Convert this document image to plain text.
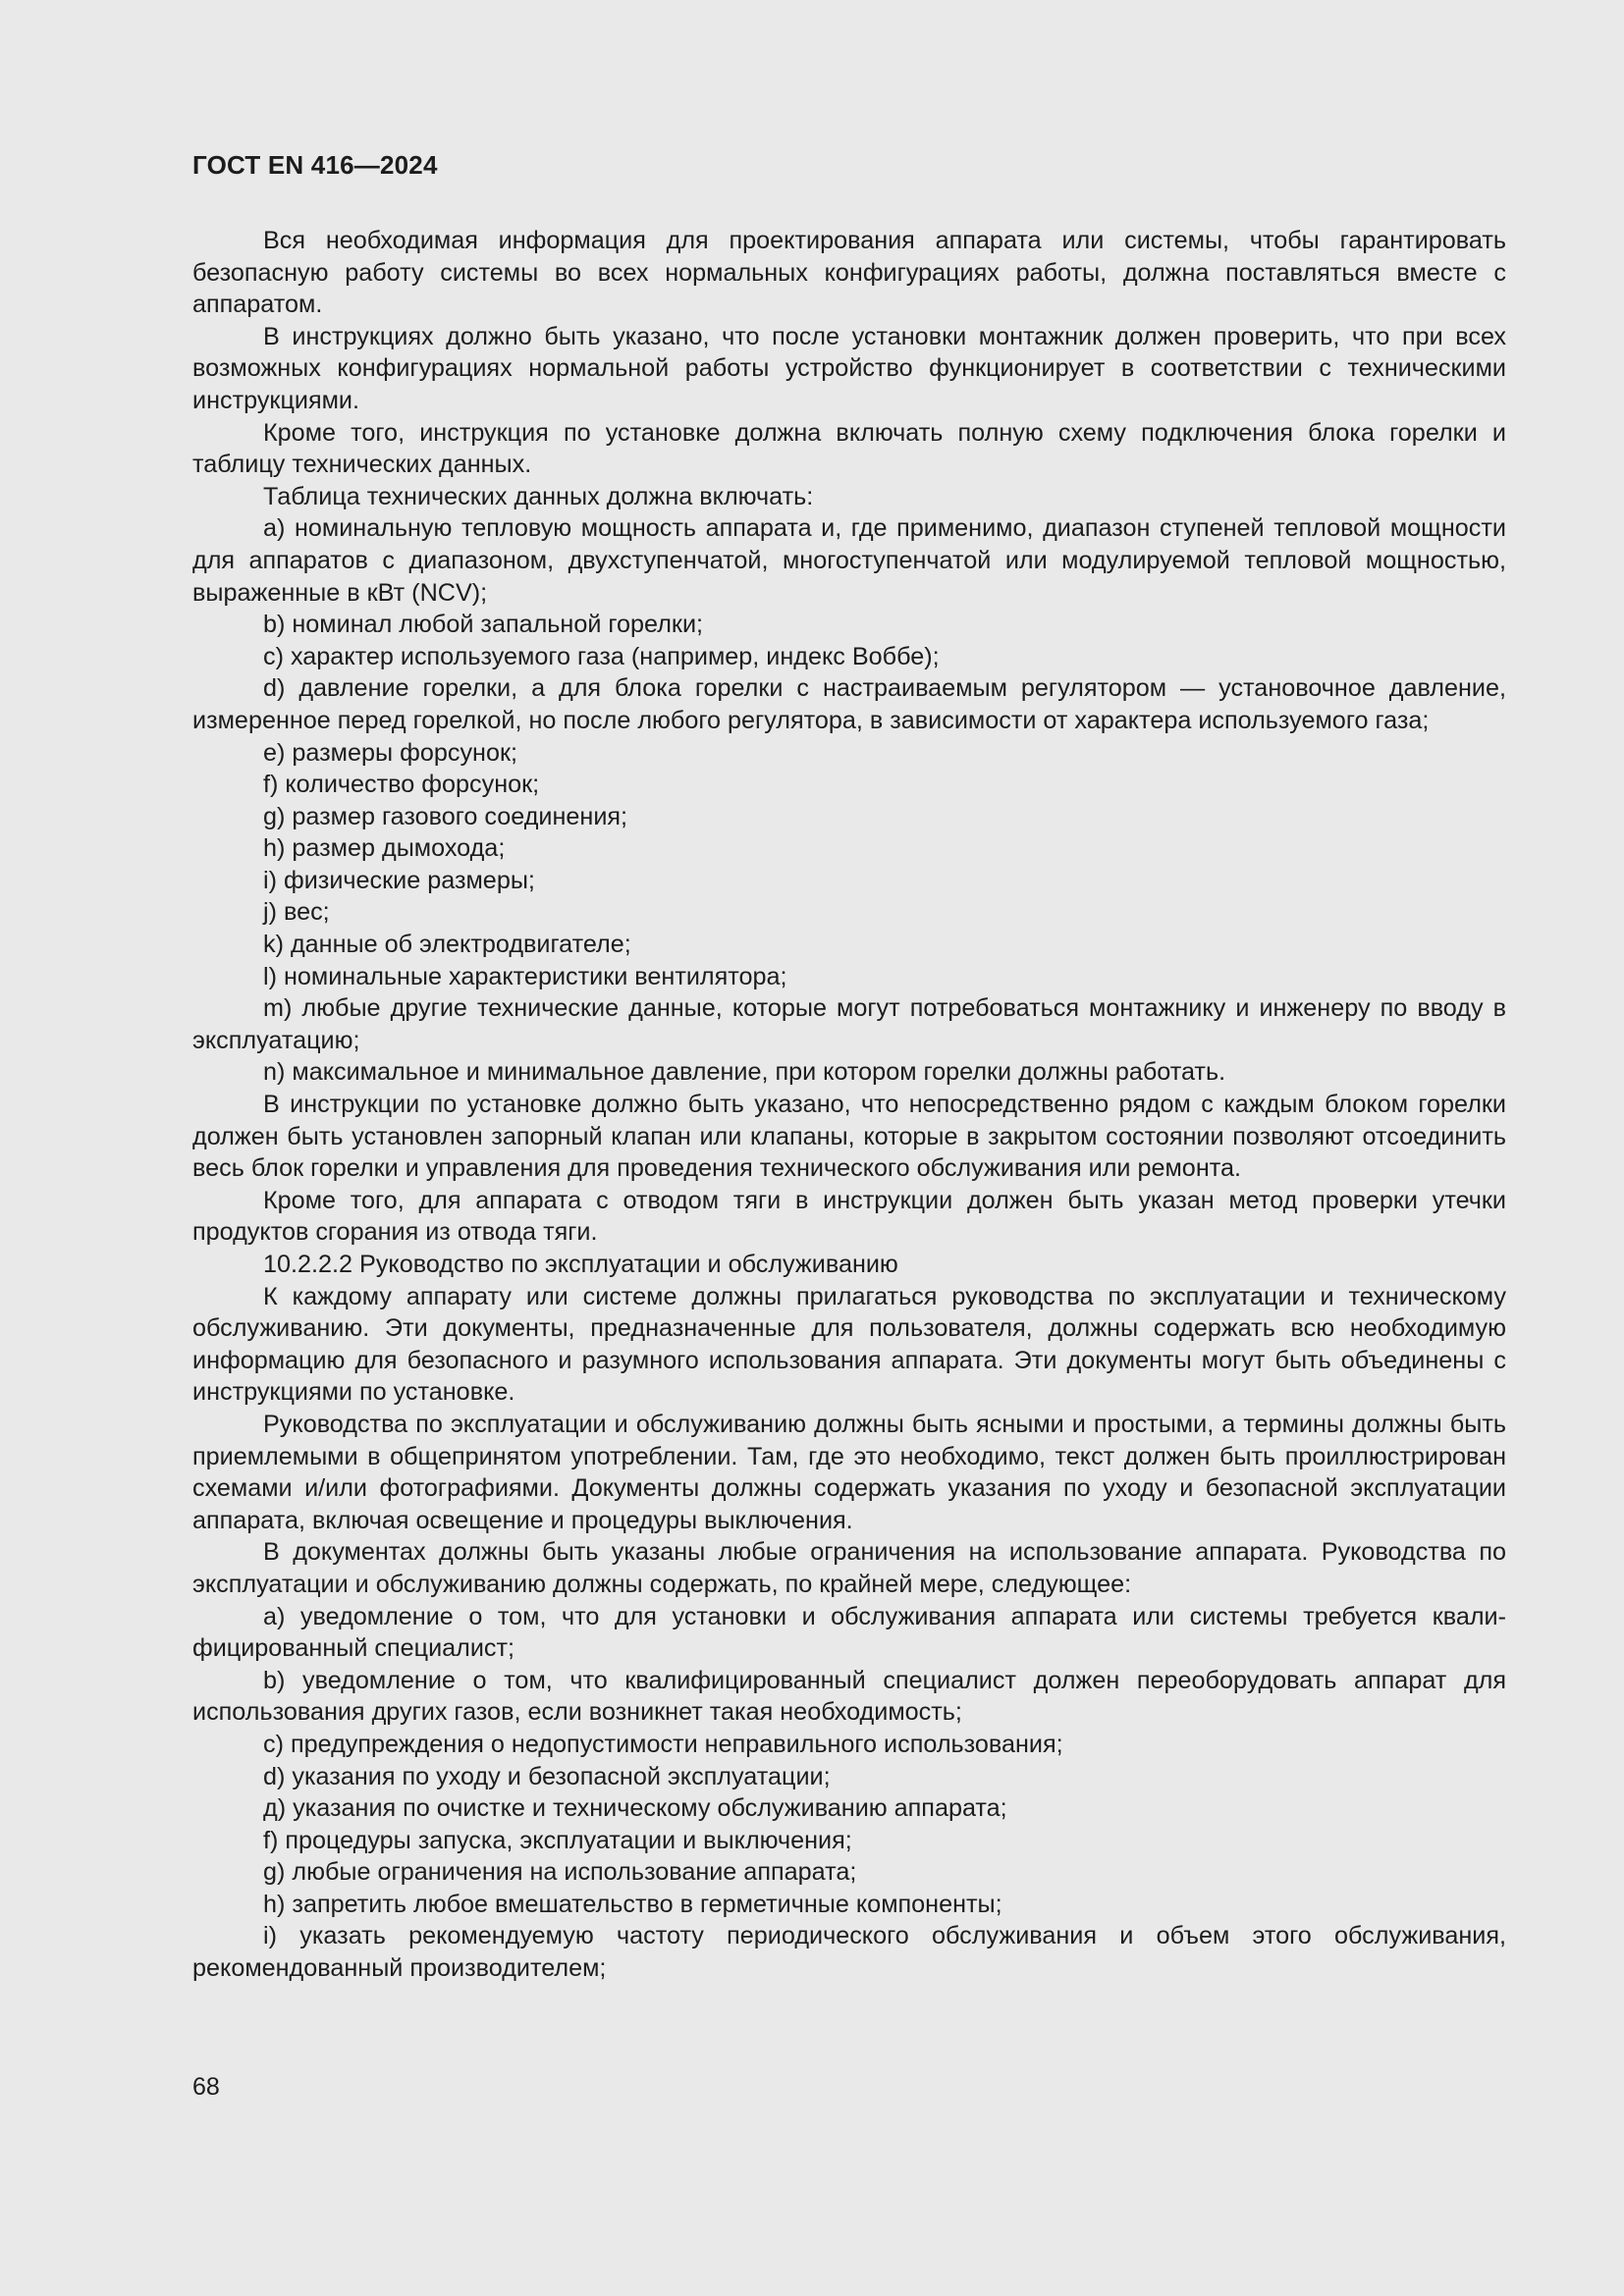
ГОСТ EN 416—2024

Вся необходимая информация для проектирования аппарата или системы, чтобы гарантировать безопасную работу системы во всех нормальных конфигурациях работы, должна поставляться вместе с аппаратом.

В инструкциях должно быть указано, что после установки монтажник должен проверить, что при всех возможных конфигурациях нормальной работы устройство функционирует в соответствии с техническими инструкциями.

Кроме того, инструкция по установке должна включать полную схему подключения блока горелки и таблицу технических данных.

Таблица технических данных должна включать:

a) номинальную тепловую мощность аппарата и, где применимо, диапазон ступеней тепловой мощности для аппаратов с диапазоном, двухступенчатой, многоступенчатой или модулируемой тепловой мощностью, выраженные в кВт (NCV);

b) номинал любой запальной горелки;

c) характер используемого газа (например, индекс Воббе);

d) давление горелки, а для блока горелки с настраиваемым регулятором — установочное давление, измеренное перед горелкой, но после любого регулятора, в зависимости от характера используемого газа;

e) размеры форсунок;

f) количество форсунок;

g) размер газового соединения;

h) размер дымохода;

i) физические размеры;

j) вес;

k) данные об электродвигателе;

l) номинальные характеристики вентилятора;

m) любые другие технические данные, которые могут потребоваться монтажнику и инженеру по вводу в эксплуатацию;

n) максимальное и минимальное давление, при котором горелки должны работать.

В инструкции по установке должно быть указано, что непосредственно рядом с каждым блоком горелки должен быть установлен запорный клапан или клапаны, которые в закрытом состоянии позволяют отсоединить весь блок горелки и управления для проведения технического обслуживания или ремонта.

Кроме того, для аппарата с отводом тяги в инструкции должен быть указан метод проверки утечки продуктов сгорания из отвода тяги.

10.2.2.2 Руководство по эксплуатации и обслуживанию

К каждому аппарату или системе должны прилагаться руководства по эксплуатации и техническому обслуживанию. Эти документы, предназначенные для пользователя, должны содержать всю необходимую информацию для безопасного и разумного использования аппарата. Эти документы могут быть объединены с инструкциями по установке.

Руководства по эксплуатации и обслуживанию должны быть ясными и простыми, а термины должны быть приемлемыми в общепринятом употреблении. Там, где это необходимо, текст должен быть проиллюстрирован схемами и/или фотографиями. Документы должны содержать указания по уходу и безопасной эксплуатации аппарата, включая освещение и процедуры выключения.

В документах должны быть указаны любые ограничения на использование аппарата. Руководства по эксплуатации и обслуживанию должны содержать, по крайней мере, следующее:

a) уведомление о том, что для установки и обслуживания аппарата или системы требуется квалифицированный специалист;

b) уведомление о том, что квалифицированный специалист должен переоборудовать аппарат для использования других газов, если возникнет такая необходимость;

c) предупреждения о недопустимости неправильного использования;

d) указания по уходу и безопасной эксплуатации;

д) указания по очистке и техническому обслуживанию аппарата;

f) процедуры запуска, эксплуатации и выключения;

g) любые ограничения на использование аппарата;

h) запретить любое вмешательство в герметичные компоненты;

i) указать рекомендуемую частоту периодического обслуживания и объем этого обслуживания, рекомендованный производителем;

68
